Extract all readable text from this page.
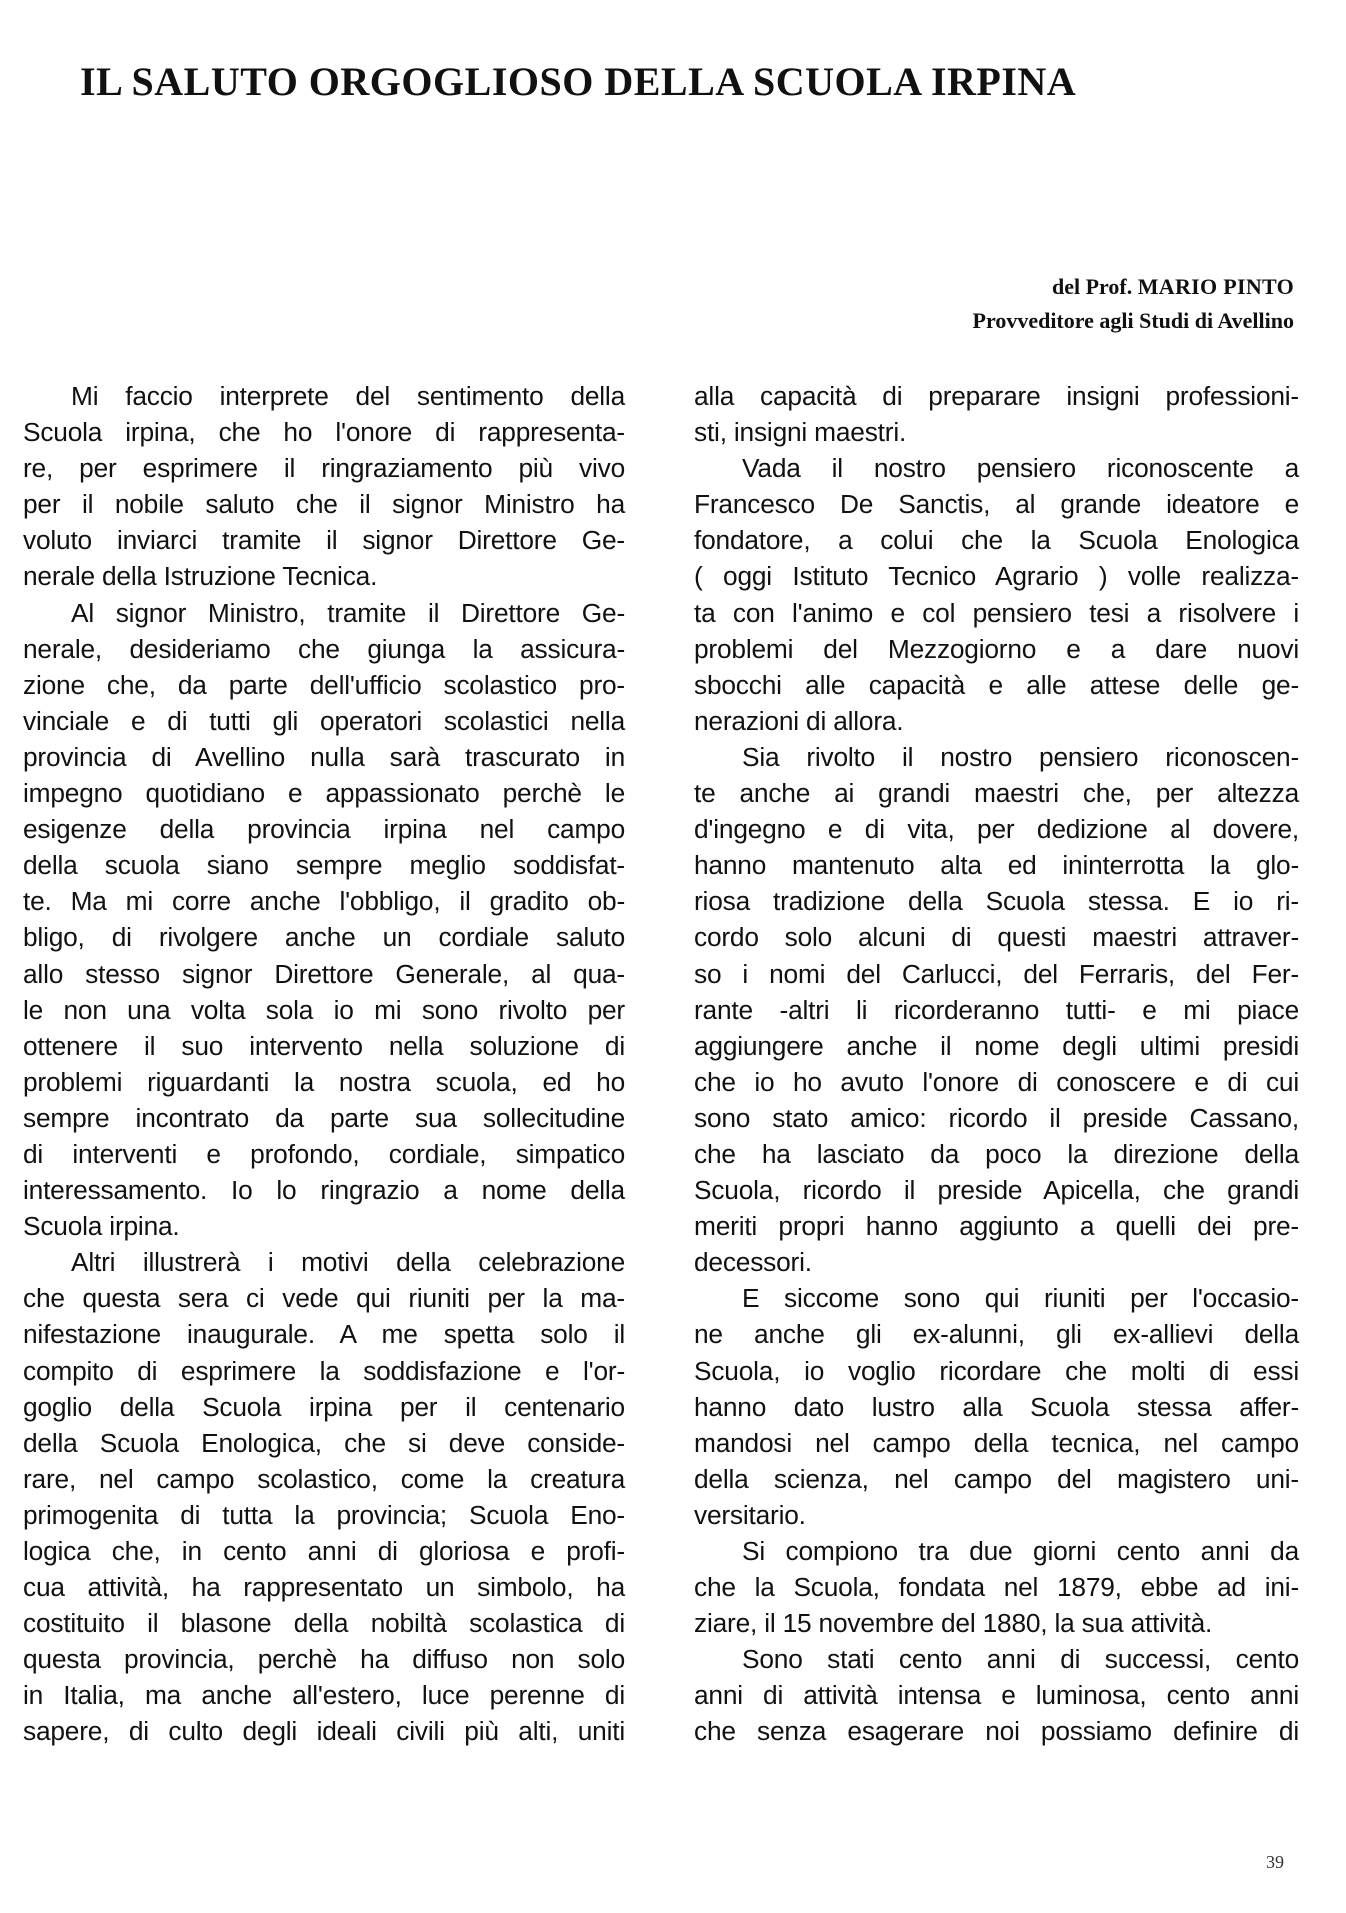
IL SALUTO ORGOGLIOSO DELLA SCUOLA IRPINA
del Prof. MARIO PINTO
Provveditore agli Studi di Avellino

Mi faccio interprete del sentimento della
Scuola irpina, che ho l'onore di rappresenta-
re, per esprimere il ringraziamento più vivo
per il nobile saluto che il signor Ministro ha
voluto inviarci tramite il signor Direttore Ge-
nerale della Istruzione Tecnica.

Al signor Ministro, tramite il Direttore Ge-
nerale, desideriamo che giunga la assicura-
zione che, da parte dell'ufficio scolastico pro-
vinciale e di tutti gli operatori scolastici nella
provincia di Avellino nulla sarà trascurato in
impegno quotidiano e appassionato perchè le
esigenze della provincia irpina nel campo
della scuola siano sempre meglio soddisfat-
te. Ma mi corre anche l'obbligo, il gradito ob-
bligo, di rivolgere anche un cordiale saluto
allo stesso signor Direttore Generale, al qua-
le non una volta sola io mi sono rivolto per
ottenere il suo intervento nella soluzione di
problemi riguardanti la nostra scuola, ed ho
sempre incontrato da parte sua sollecitudine
di interventi e profondo, cordiale, simpatico
interessamento. Io lo ringrazio a nome della
Scuola irpina.

Altri illustrerà i motivi della celebrazione
che questa sera ci vede qui riuniti per la ma-
nifestazione inaugurale. A me spetta solo il
compito di esprimere la soddisfazione e l'or-
goglio della Scuola irpina per il centenario
della Scuola Enologica, che si deve conside-
rare, nel campo scolastico, come la creatura
primogenita di tutta la provincia; Scuola Eno-
logica che, in cento anni di gloriosa e profi-
cua attività, ha rappresentato un simbolo, ha
costituito il blasone della nobiltà scolastica di
questa provincia, perchè ha diffuso non solo
in Italia, ma anche all'estero, luce perenne di
sapere, di culto degli ideali civili più alti, uniti

alla capacità di preparare insigni professioni-
sti, insigni maestri.

Vada il nostro pensiero riconoscente a
Francesco De Sanctis, al grande ideatore e
fondatore, a colui che la Scuola Enologica
( oggi Istituto Tecnico Agrario ) volle realizza-
ta con l'animo e col pensiero tesi a risolvere i
problemi del Mezzogiorno e a dare nuovi
sbocchi alle capacità e alle attese delle ge-
nerazioni di allora.

Sia rivolto il nostro pensiero riconoscen-
te anche ai grandi maestri che, per altezza
d'ingegno e di vita, per dedizione al dovere,
hanno mantenuto alta ed ininterrotta la glo-
riosa tradizione della Scuola stessa. E io ri-
cordo solo alcuni di questi maestri attraver-
so i nomi del Carlucci, del Ferraris, del Fer-
rante -altri li ricorderanno tutti- e mi piace
aggiungere anche il nome degli ultimi presidi
che io ho avuto l'onore di conoscere e di cui
sono stato amico: ricordo il preside Cassano,
che ha lasciato da poco la direzione della
Scuola, ricordo il preside Apicella, che grandi
meriti propri hanno aggiunto a quelli dei pre-
decessori.

E siccome sono qui riuniti per l'occasio-
ne anche gli ex-alunni, gli ex-allievi della
Scuola, io voglio ricordare che molti di essi
hanno dato lustro alla Scuola stessa affer-
mandosi nel campo della tecnica, nel campo
della scienza, nel campo del magistero uni-
versitario.

Si compiono tra due giorni cento anni da
che la Scuola, fondata nel 1879, ebbe ad ini-
ziare, il 15 novembre del 1880, la sua attività.

Sono stati cento anni di successi, cento
anni di attività intensa e luminosa, cento anni
che senza esagerare noi possiamo definire di

39
